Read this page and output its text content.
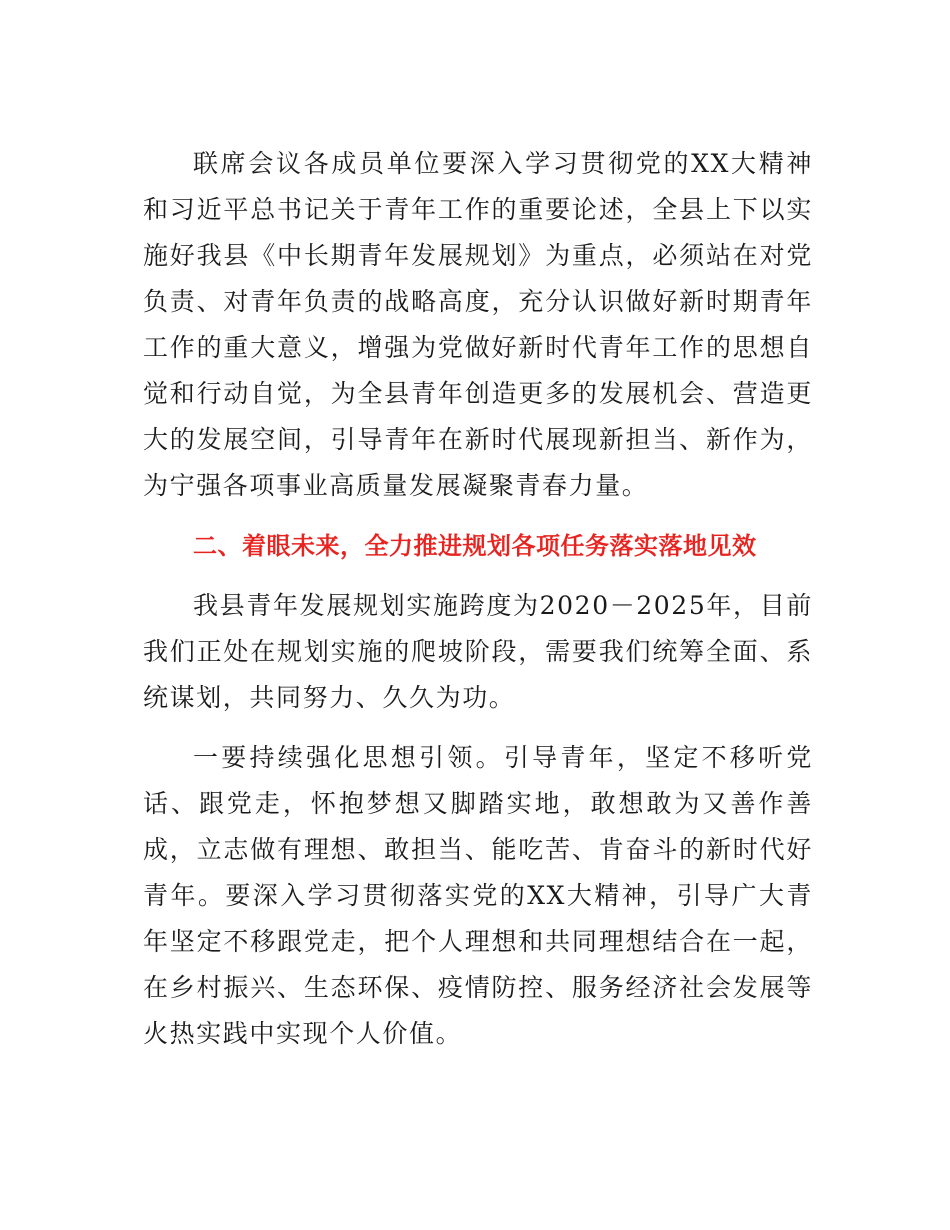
联席会议各成员单位要深入学习贯彻党的XX大精神和习近平总书记关于青年工作的重要论述，全县上下以实施好我县《中长期青年发展规划》为重点，必须站在对党负责、对青年负责的战略高度，充分认识做好新时期青年工作的重大意义，增强为党做好新时代青年工作的思想自觉和行动自觉，为全县青年创造更多的发展机会、营造更大的发展空间，引导青年在新时代展现新担当、新作为，为宁强各项事业高质量发展凝聚青春力量。

二、着眼未来，全力推进规划各项任务落实落地见效

我县青年发展规划实施跨度为2020－2025年，目前我们正处在规划实施的爬坡阶段，需要我们统筹全面、系统谋划，共同努力、久久为功。

一要持续强化思想引领。引导青年，坚定不移听党话、跟党走，怀抱梦想又脚踏实地，敢想敢为又善作善成，立志做有理想、敢担当、能吃苦、肯奋斗的新时代好青年。要深入学习贯彻落实党的XX大精神，引导广大青年坚定不移跟党走，把个人理想和共同理想结合在一起，在乡村振兴、生态环保、疫情防控、服务经济社会发展等火热实践中实现个人价值。
